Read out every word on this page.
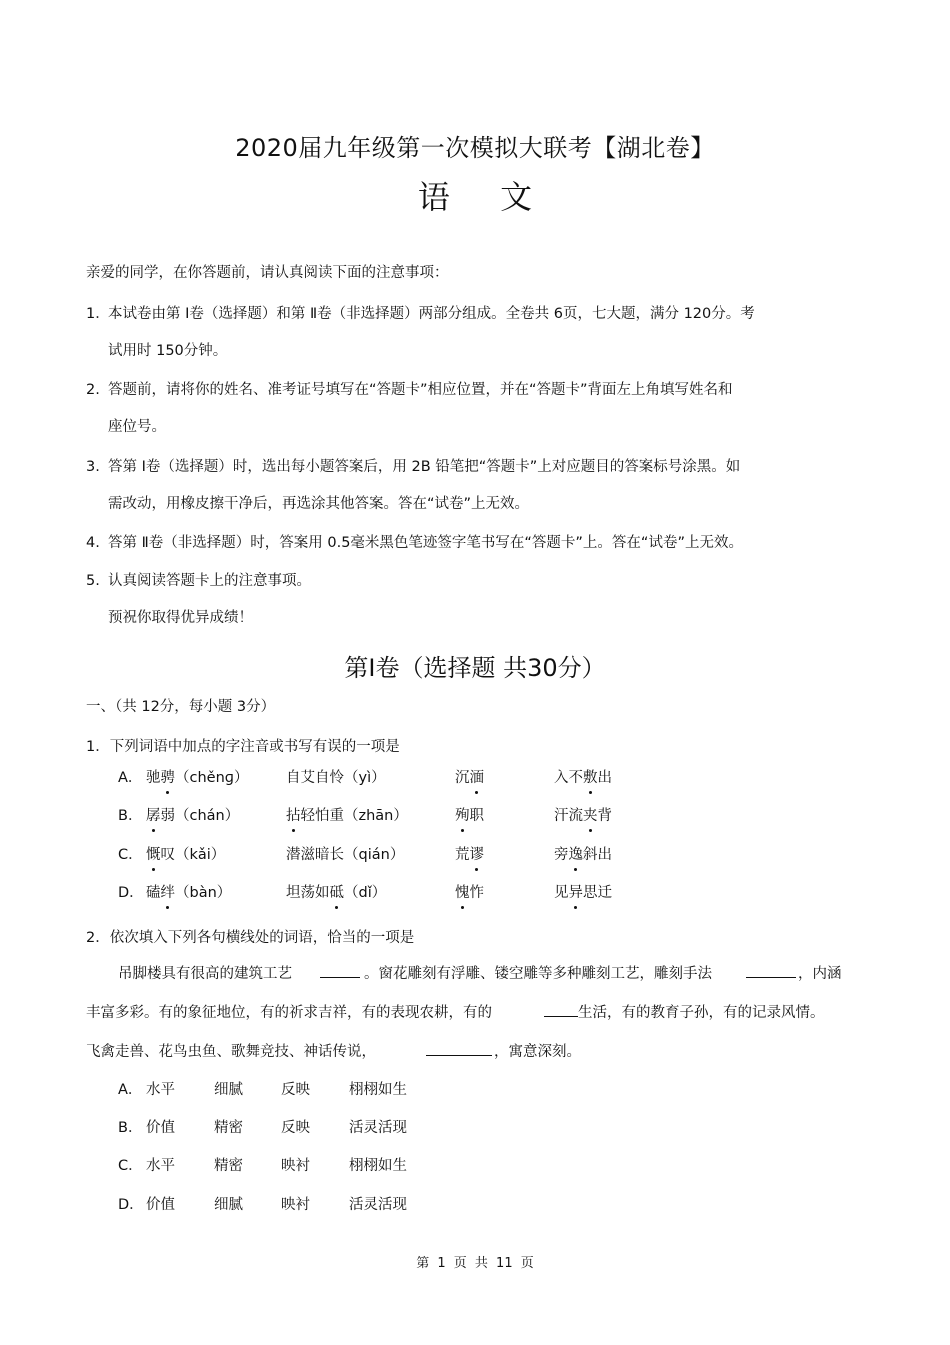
2020届九年级第一次模拟大联考【湖北卷】
语 文
亲爱的同学，在你答题前，请认真阅读下面的注意事项：
1．本试卷由第 Ⅰ卷（选择题）和第 Ⅱ卷（非选择题）两部分组成。全卷共 6页，七大题，满分 120分。考
试用时 150分钟。
2. 答题前，请将你的姓名、准考证号填写在“答题卡”相应位置，并在“答题卡”背面左上角填写姓名和
座位号。
3. 答第 Ⅰ卷（选择题）时，选出每小题答案后，用 2B 铅笔把“答题卡”上对应题目的答案标号涂黑。如
需改动，用橡皮擦干净后，再选涂其他答案。答在“试卷”上无效。
4. 答第 Ⅱ卷（非选择题）时，答案用 0.5毫米黑色笔迹签字笔书写在“答题卡”上。答在“试卷”上无效。
5. 认真阅读答题卡上的注意事项。
预祝你取得优异成绩！
第Ⅰ卷（选择题 共30分）
一、（共 12分，每小题 3分）
1．下列词语中加点的字注音或书写有误的一项是
A． 驰骋（chěnɡ）	自艾自怜（yì）	沉湎	入不敷出
B． 孱弱（chán）	拈轻怕重（zhān）	殉职	汗流夹背
C． 慨叹（kǎi）	潜滋暗长（qián）	荒谬	旁逸斜出
D． 磕绊（bàn）	坦荡如砥（dǐ）	愧怍	见异思迁
2．依次填入下列各句横线处的词语，恰当的一项是
吊脚楼具有很高的建筑工艺	。窗花雕刻有浮雕、镂空雕等多种雕刻工艺，雕刻手法	，内涵
丰富多彩。有的象征地位，有的祈求吉祥，有的表现农耕，有的	生活，有的教育子孙，有的记录风情。
飞禽走兽、花鸟虫鱼、歌舞竞技、神话传说，	，寓意深刻。
A． 水平	细腻	反映	栩栩如生
B． 价值	精密	反映	活灵活现
C． 水平	精密	映衬	栩栩如生
D． 价值	细腻	映衬	活灵活现
第 1 页 共 11 页
